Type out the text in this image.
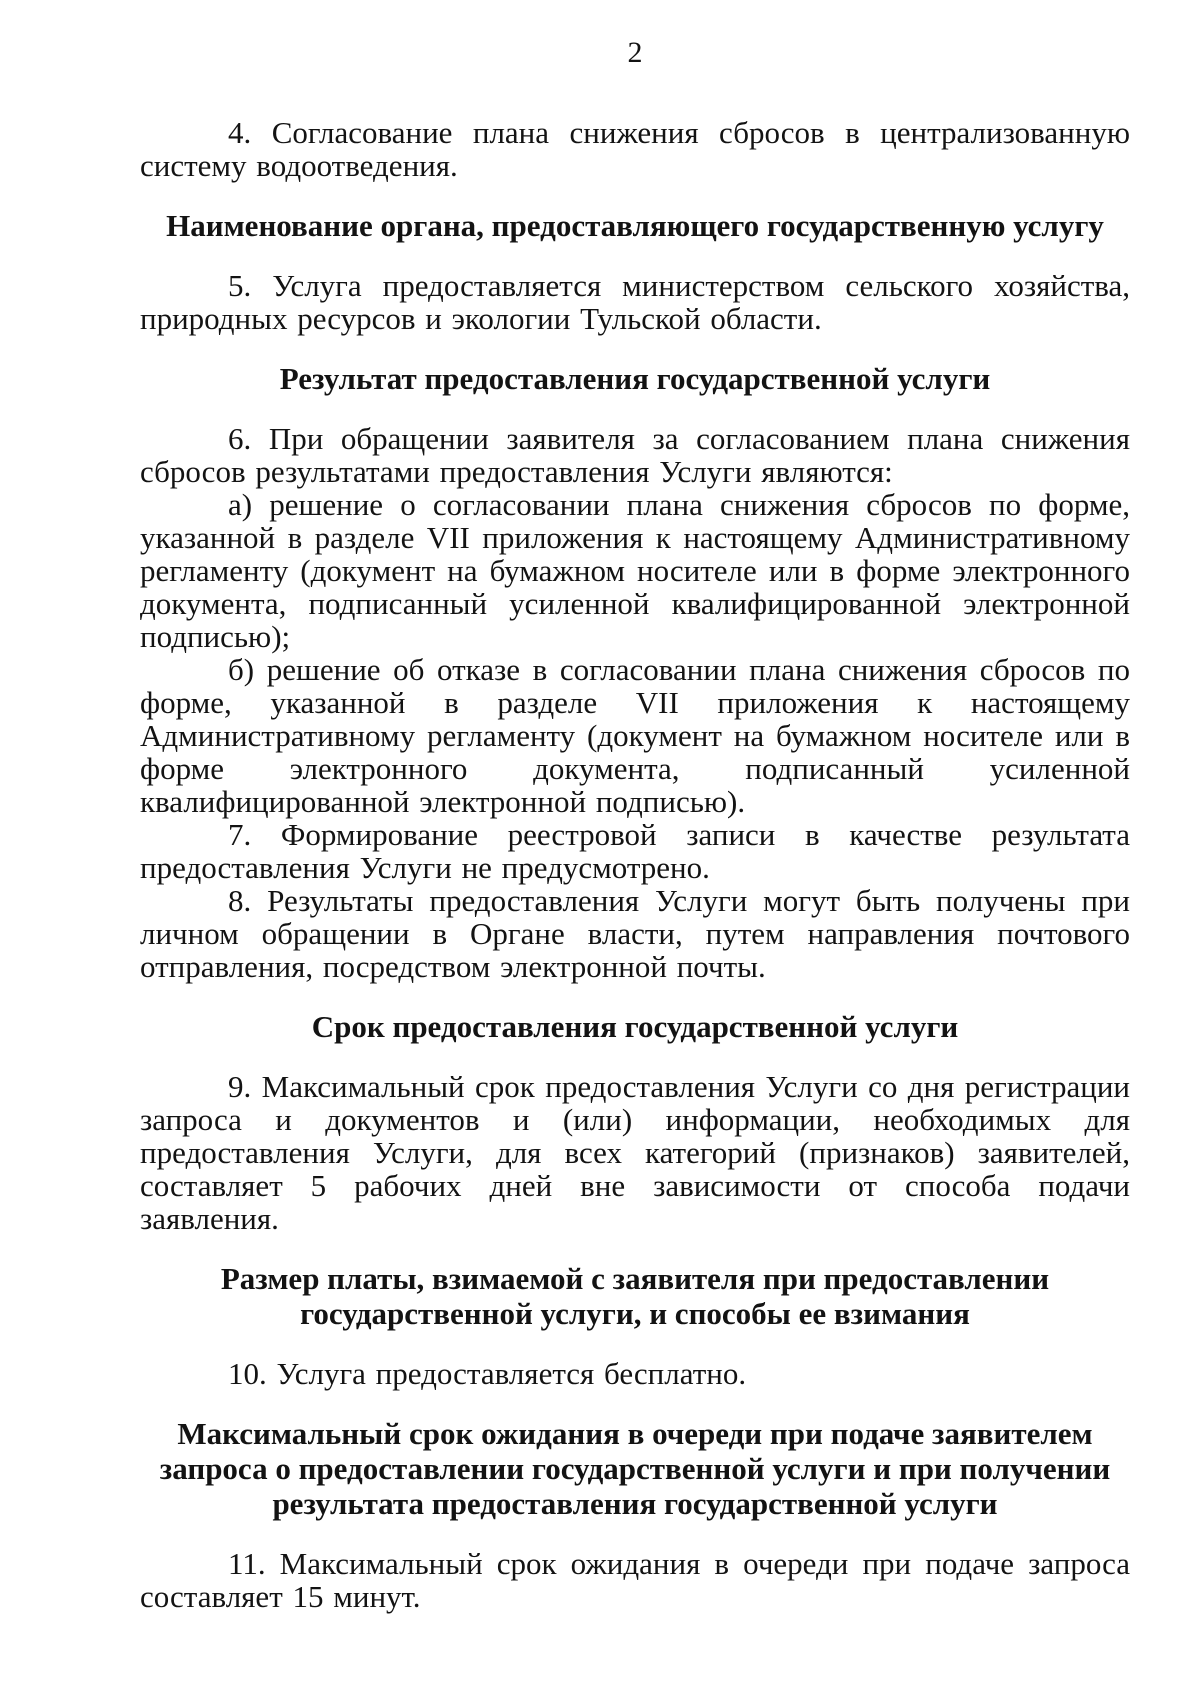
2

4. Согласование плана снижения сбросов в централизованную систему водоотведения.

Наименование органа, предоставляющего государственную услугу

5. Услуга предоставляется министерством сельского хозяйства, природных ресурсов и экологии Тульской области.

Результат предоставления государственной услуги

6. При обращении заявителя за согласованием плана снижения сбросов результатами предоставления Услуги являются:

а) решение о согласовании плана снижения сбросов по форме, указанной в разделе VII приложения к настоящему Административному регламенту (документ на бумажном носителе или в форме электронного документа, подписанный усиленной квалифицированной электронной подписью);

б) решение об отказе в согласовании плана снижения сбросов по форме, указанной в разделе VII приложения к настоящему Административному регламенту (документ на бумажном носителе или в форме электронного документа, подписанный усиленной квалифицированной электронной подписью).

7. Формирование реестровой записи в качестве результата предоставления Услуги не предусмотрено.

8. Результаты предоставления Услуги могут быть получены при личном обращении в Органе власти, путем направления почтового отправления, посредством электронной почты.

Срок предоставления государственной услуги

9. Максимальный срок предоставления Услуги со дня регистрации запроса и документов и (или) информации, необходимых для предоставления Услуги, для всех категорий (признаков) заявителей, составляет 5 рабочих дней вне зависимости от способа подачи заявления.

Размер платы, взимаемой с заявителя при предоставлении государственной услуги, и способы ее взимания

10. Услуга предоставляется бесплатно.

Максимальный срок ожидания в очереди при подаче заявителем запроса о предоставлении государственной услуги и при получении результата предоставления государственной услуги

11. Максимальный срок ожидания в очереди при подаче запроса составляет 15 минут.
